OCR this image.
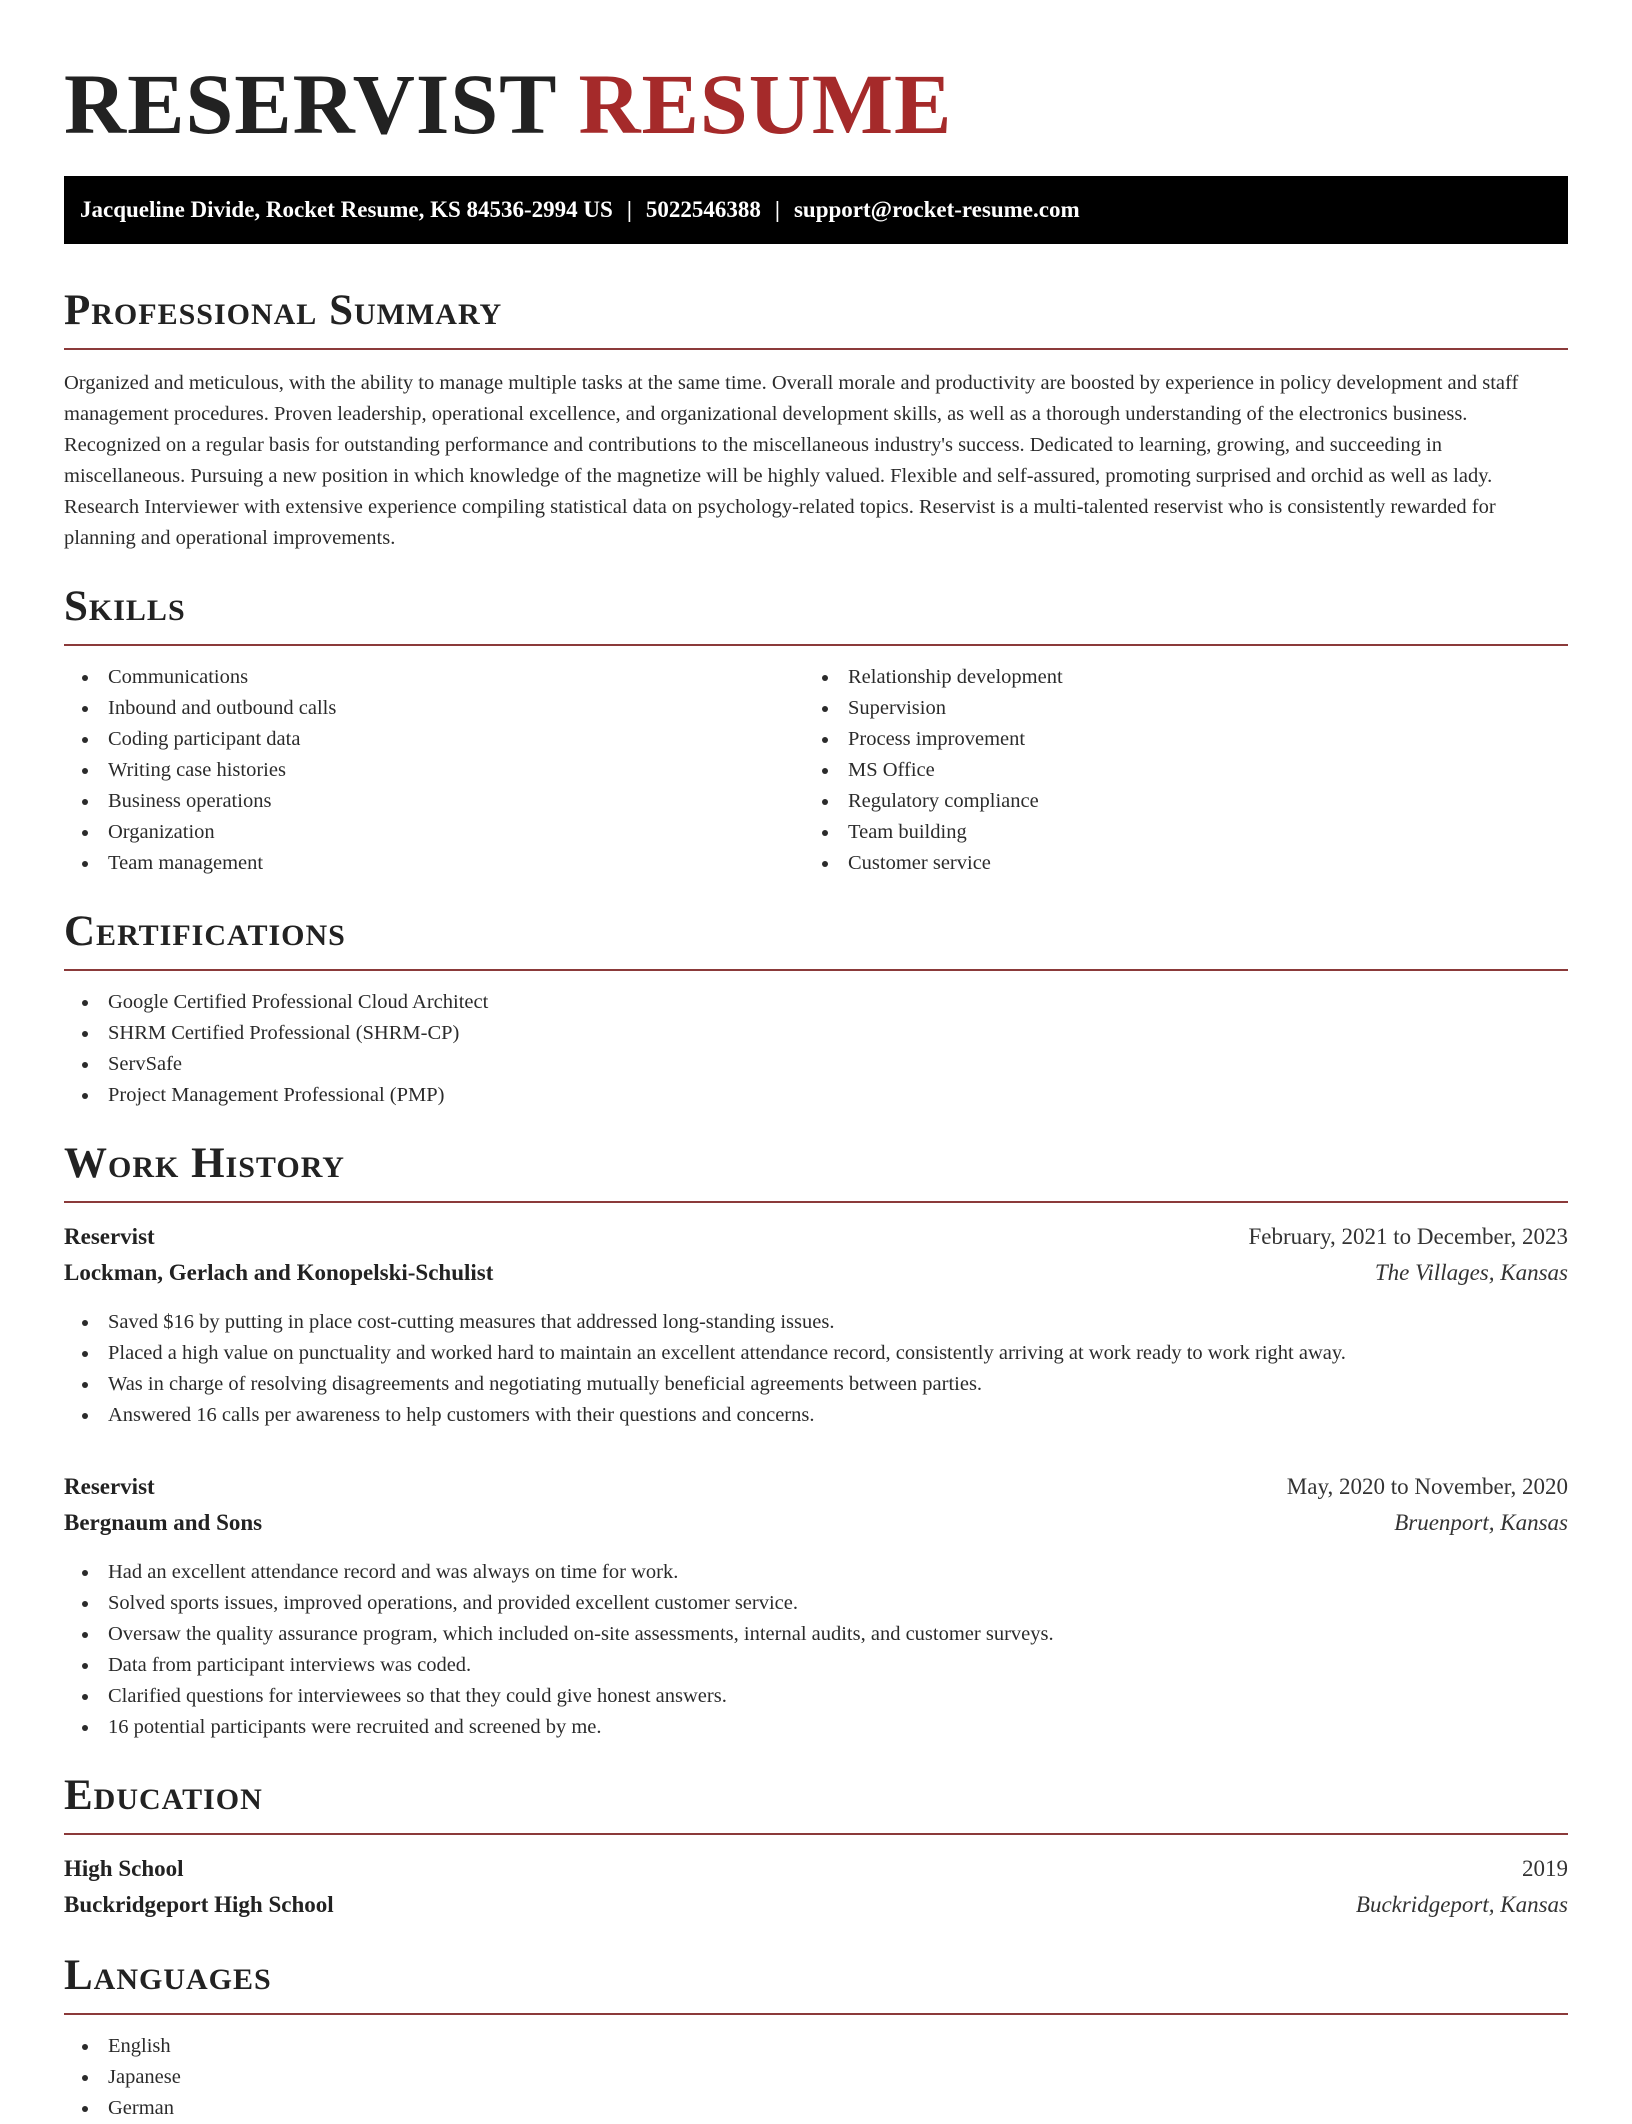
RESERVIST RESUME
Jacqueline Divide, Rocket Resume, KS 84536-2994 US | 5022546388 | support@rocket-resume.com
Professional Summary

Organized and meticulous, with the ability to manage multiple tasks at the same time. Overall morale and productivity are boosted by experience in policy development and staff management procedures. Proven leadership, operational excellence, and organizational development skills, as well as a thorough understanding of the electronics business. Recognized on a regular basis for outstanding performance and contributions to the miscellaneous industry's success. Dedicated to learning, growing, and succeeding in miscellaneous. Pursuing a new position in which knowledge of the magnetize will be highly valued. Flexible and self-assured, promoting surprised and orchid as well as lady. Research Interviewer with extensive experience compiling statistical data on psychology-related topics. Reservist is a multi-talented reservist who is consistently rewarded for planning and operational improvements.

Skills
Communications
Inbound and outbound calls
Coding participant data
Writing case histories
Business operations
Organization
Team management
Relationship development
Supervision
Process improvement
MS Office
Regulatory compliance
Team building
Customer service
Certifications
Google Certified Professional Cloud Architect
SHRM Certified Professional (SHRM-CP)
ServSafe
Project Management Professional (PMP)
Work History
Reservist	February, 2021 to December, 2023
Lockman, Gerlach and Konopelski-Schulist	The Villages, Kansas
Saved $16 by putting in place cost-cutting measures that addressed long-standing issues.
Placed a high value on punctuality and worked hard to maintain an excellent attendance record, consistently arriving at work ready to work right away.
Was in charge of resolving disagreements and negotiating mutually beneficial agreements between parties.
Answered 16 calls per awareness to help customers with their questions and concerns.
Reservist	May, 2020 to November, 2020
Bergnaum and Sons	Bruenport, Kansas
Had an excellent attendance record and was always on time for work.
Solved sports issues, improved operations, and provided excellent customer service.
Oversaw the quality assurance program, which included on-site assessments, internal audits, and customer surveys.
Data from participant interviews was coded.
Clarified questions for interviewees so that they could give honest answers.
16 potential participants were recruited and screened by me.
Education
High School	2019
Buckridgeport High School	Buckridgeport, Kansas
Languages
English
Japanese
German
